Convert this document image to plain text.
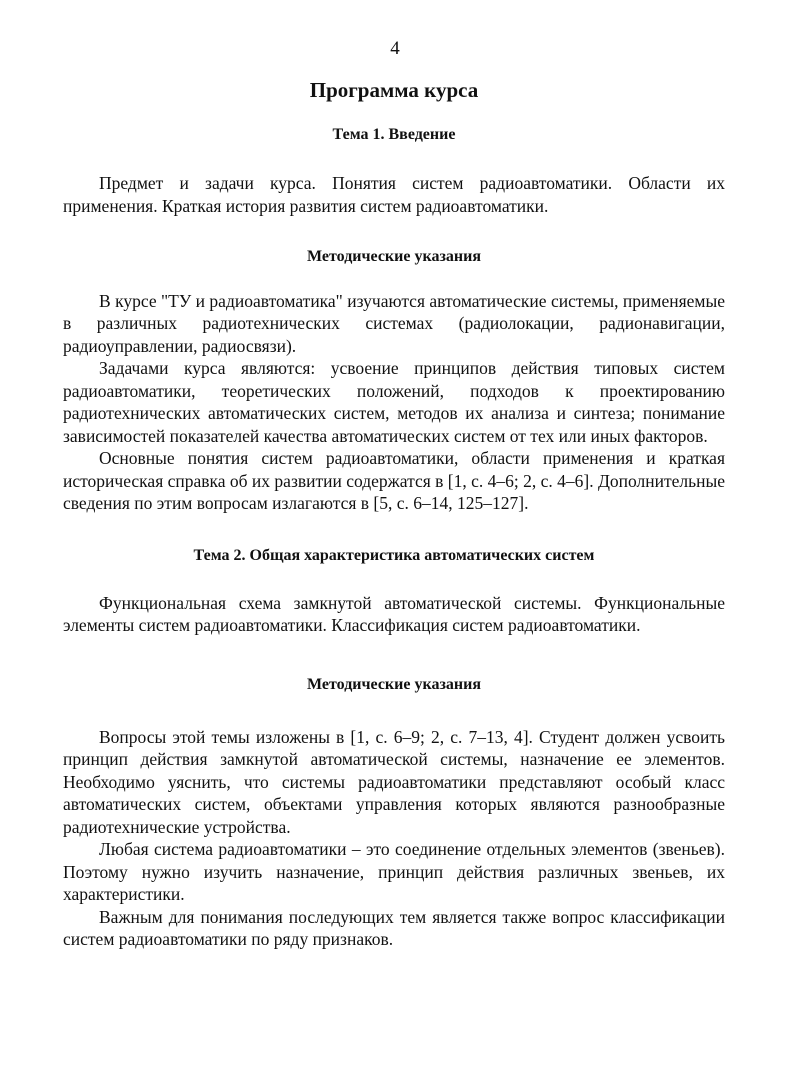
4
Программа курса
Тема 1. Введение

Предмет и задачи курса. Понятия систем радиоавтоматики. Области их применения. Краткая история развития систем радиоавтоматики.

Методические указания

В курсе "ТУ и радиоавтоматика" изучаются автоматические системы, применяемые в различных радиотехнических системах (радиолокации, радионавигации, радиоуправлении, радиосвязи).

Задачами курса являются: усвоение принципов действия типовых систем радиоавтоматики, теоретических положений, подходов к проектированию радиотехнических автоматических систем, методов их анализа и синтеза; понимание зависимостей показателей качества автоматических систем от тех или иных факторов.

Основные понятия систем радиоавтоматики, области применения и краткая историческая справка об их развитии содержатся в [1, с. 4–6; 2, с. 4–6]. Дополнительные сведения по этим вопросам излагаются в [5, с. 6–14, 125–127].

Тема 2. Общая характеристика автоматических систем

Функциональная схема замкнутой автоматической системы. Функциональные элементы систем радиоавтоматики. Классификация систем радиоавтоматики.

Методические указания

Вопросы этой темы изложены в [1, с. 6–9; 2, с. 7–13, 4]. Студент должен усвоить принцип действия замкнутой автоматической системы, назначение ее элементов. Необходимо уяснить, что системы радиоавтоматики представляют особый класс автоматических систем, объектами управления которых являются разнообразные радиотехнические устройства.

Любая система радиоавтоматики – это соединение отдельных элементов (звеньев). Поэтому нужно изучить назначение, принцип действия различных звеньев, их характеристики.

Важным для понимания последующих тем является также вопрос классификации систем радиоавтоматики по ряду признаков.
